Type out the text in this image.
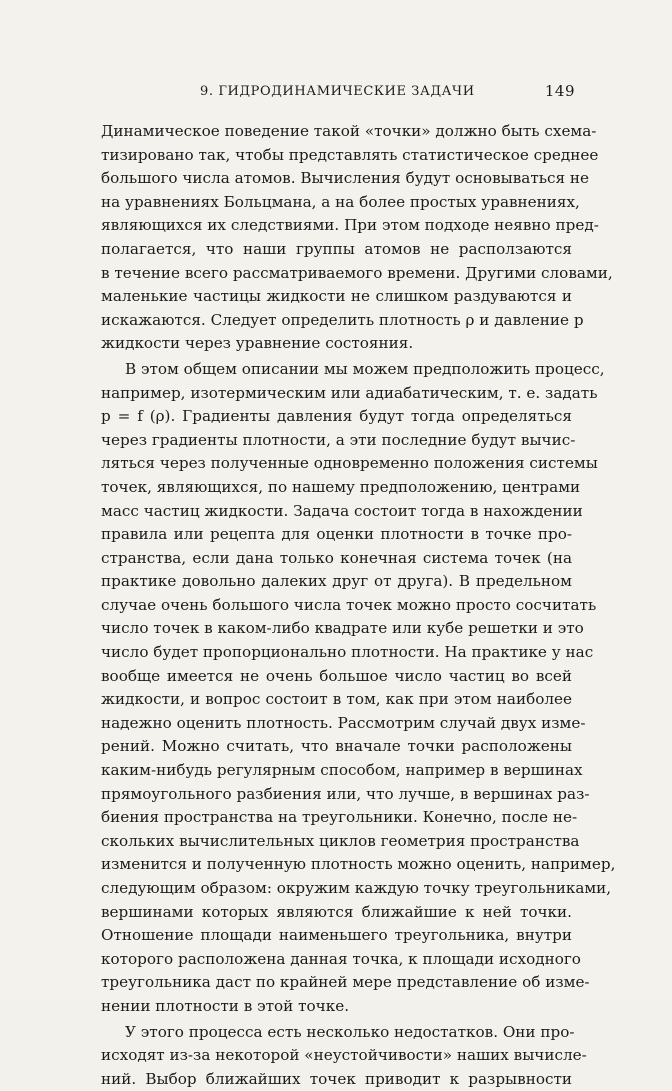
9. ГИДРОДИНАМИЧЕСКИЕ ЗАДАЧИ	149
Динамическое поведение такой «точки» должно быть схема-
тизировано так, чтобы представлять статистическое среднее
большого числа атомов. Вычисления будут основываться не
на уравнениях Больцмана, а на более простых уравнениях,
являющихся их следствиями. При этом подходе неявно пред-
полагается, что наши группы атомов не расползаются
в течение всего рассматриваемого времени. Другими словами,
маленькие частицы жидкости не слишком раздуваются и
искажаются. Следует определить плотность ρ и давление p
жидкости через уравнение состояния.
В этом общем описании мы можем предположить процесс,
например, изотермическим или адиабатическим, т. е. задать
p = f (ρ). Градиенты давления будут тогда определяться
через градиенты плотности, а эти последние будут вычис-
ляться через полученные одновременно положения системы
точек, являющихся, по нашему предположению, центрами
масс частиц жидкости. Задача состоит тогда в нахождении
правила или рецепта для оценки плотности в точке про-
странства, если дана только конечная система точек (на
практике довольно далеких друг от друга). В предельном
случае очень большого числа точек можно просто сосчитать
число точек в каком-либо квадрате или кубе решетки и это
число будет пропорционально плотности. На практике у нас
вообще имеется не очень большое число частиц во всей
жидкости, и вопрос состоит в том, как при этом наиболее
надежно оценить плотность. Рассмотрим случай двух изме-
рений. Можно считать, что вначале точки расположены
каким-нибудь регулярным способом, например в вершинах
прямоугольного разбиения или, что лучше, в вершинах раз-
биения пространства на треугольники. Конечно, после не-
скольких вычислительных циклов геометрия пространства
изменится и полученную плотность можно оценить, например,
следующим образом: окружим каждую точку треугольниками,
вершинами которых являются ближайшие к ней точки.
Отношение площади наименьшего треугольника, внутри
которого расположена данная точка, к площади исходного
треугольника даст по крайней мере представление об изме-
нении плотности в этой точке.
У этого процесса есть несколько недостатков. Они про-
исходят из-за некоторой «неустойчивости» наших вычисле-
ний. Выбор ближайших точек приводит к разрывности
